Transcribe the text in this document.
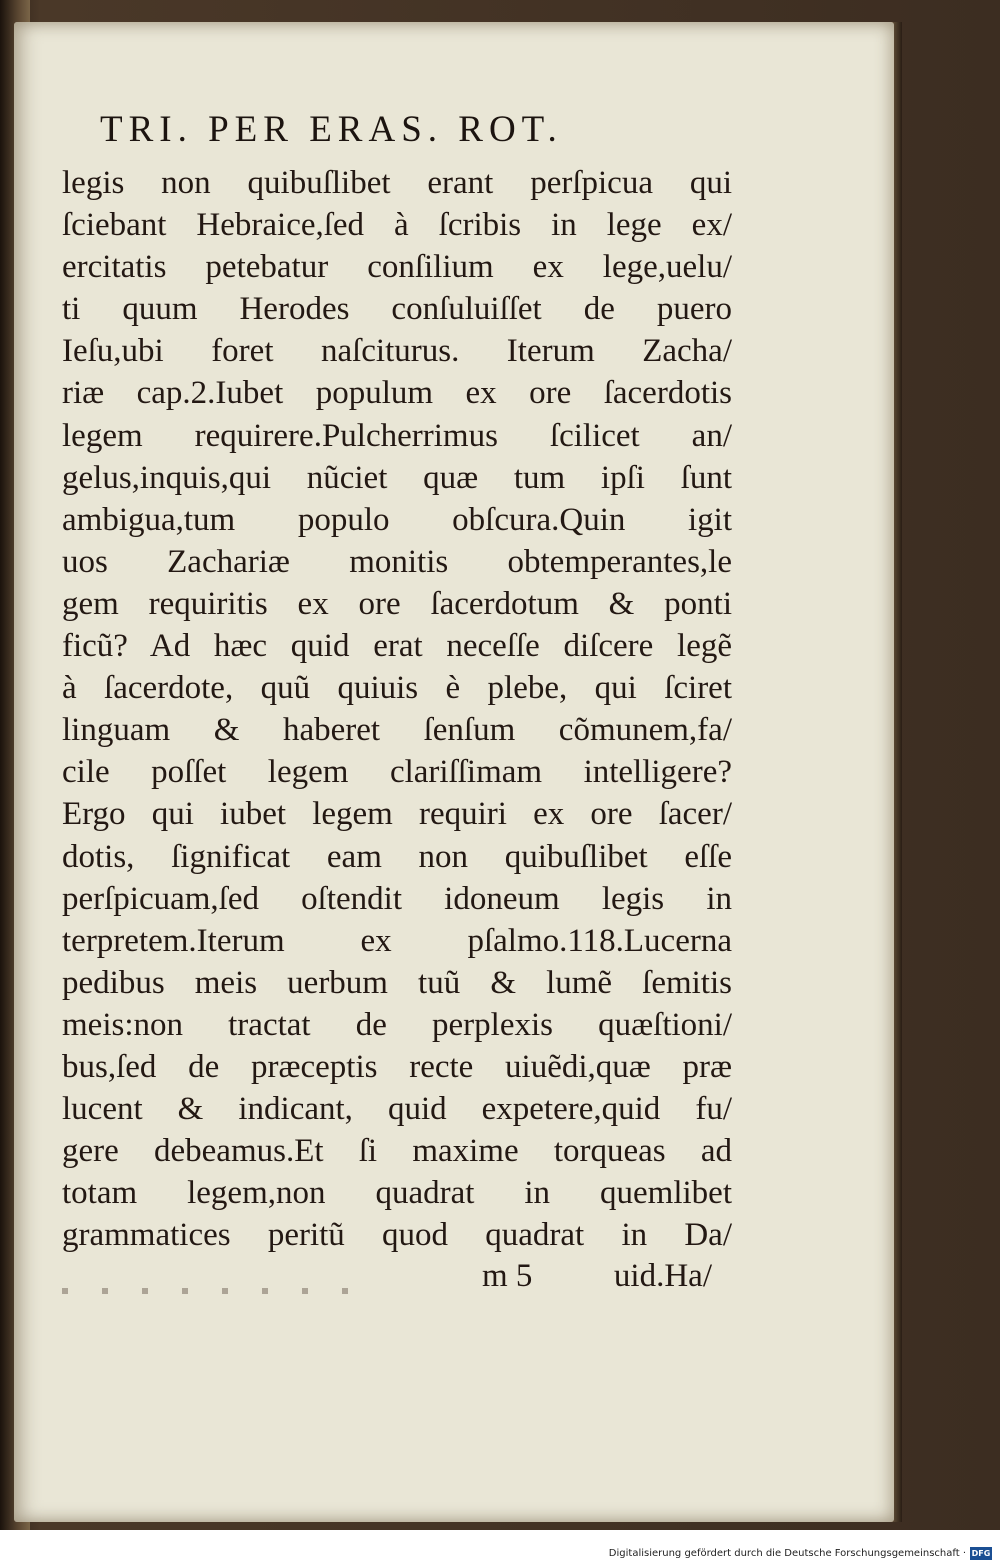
TRI. PER ERAS. ROT.
legis non quibuſlibet erant perſpicua qui
ſciebant Hebraice,ſed à ſcribis in lege ex/
ercitatis petebatur conſilium ex lege,uelu/
ti quum Herodes conſuluiſſet de puero
Ieſu,ubi foret naſciturus. Iterum Zacha/
riæ cap.2.Iubet populum ex ore ſacerdotis
legem requirere.Pulcherrimus ſcilicet an/
gelus,inquis,qui nũciet quæ tum ipſi ſunt
ambigua,tum populo obſcura.Quin igit
uos Zachariæ monitis obtemperantes,le
gem requiritis ex ore ſacerdotum & ponti
ficũ? Ad hæc quid erat neceſſe diſcere legẽ
à ſacerdote, quũ quiuis è plebe, qui ſciret
linguam & haberet ſenſum cõmunem,fa/
cile poſſet legem clariſſimam intelligere?
Ergo qui iubet legem requiri ex ore ſacer/
dotis, ſignificat eam non quibuſlibet eſſe
perſpicuam,ſed oſtendit idoneum legis in
terpretem.Iterum ex pſalmo.118.Lucerna
pedibus meis uerbum tuũ & lumẽ ſemitis
meis:non tractat de perplexis quæſtioni/
bus,ſed de præceptis recte uiuẽdi,quæ præ
lucent & indicant, quid expetere,quid fu/
gere debeamus.Et ſi maxime torqueas ad
totam legem,non quadrat in quemlibet
grammatices peritũ quod quadrat in Da/
m 5 uid.Ha/
Digitalisierung gefördert durch die Deutsche Forschungsgemeinschaft · DFG
